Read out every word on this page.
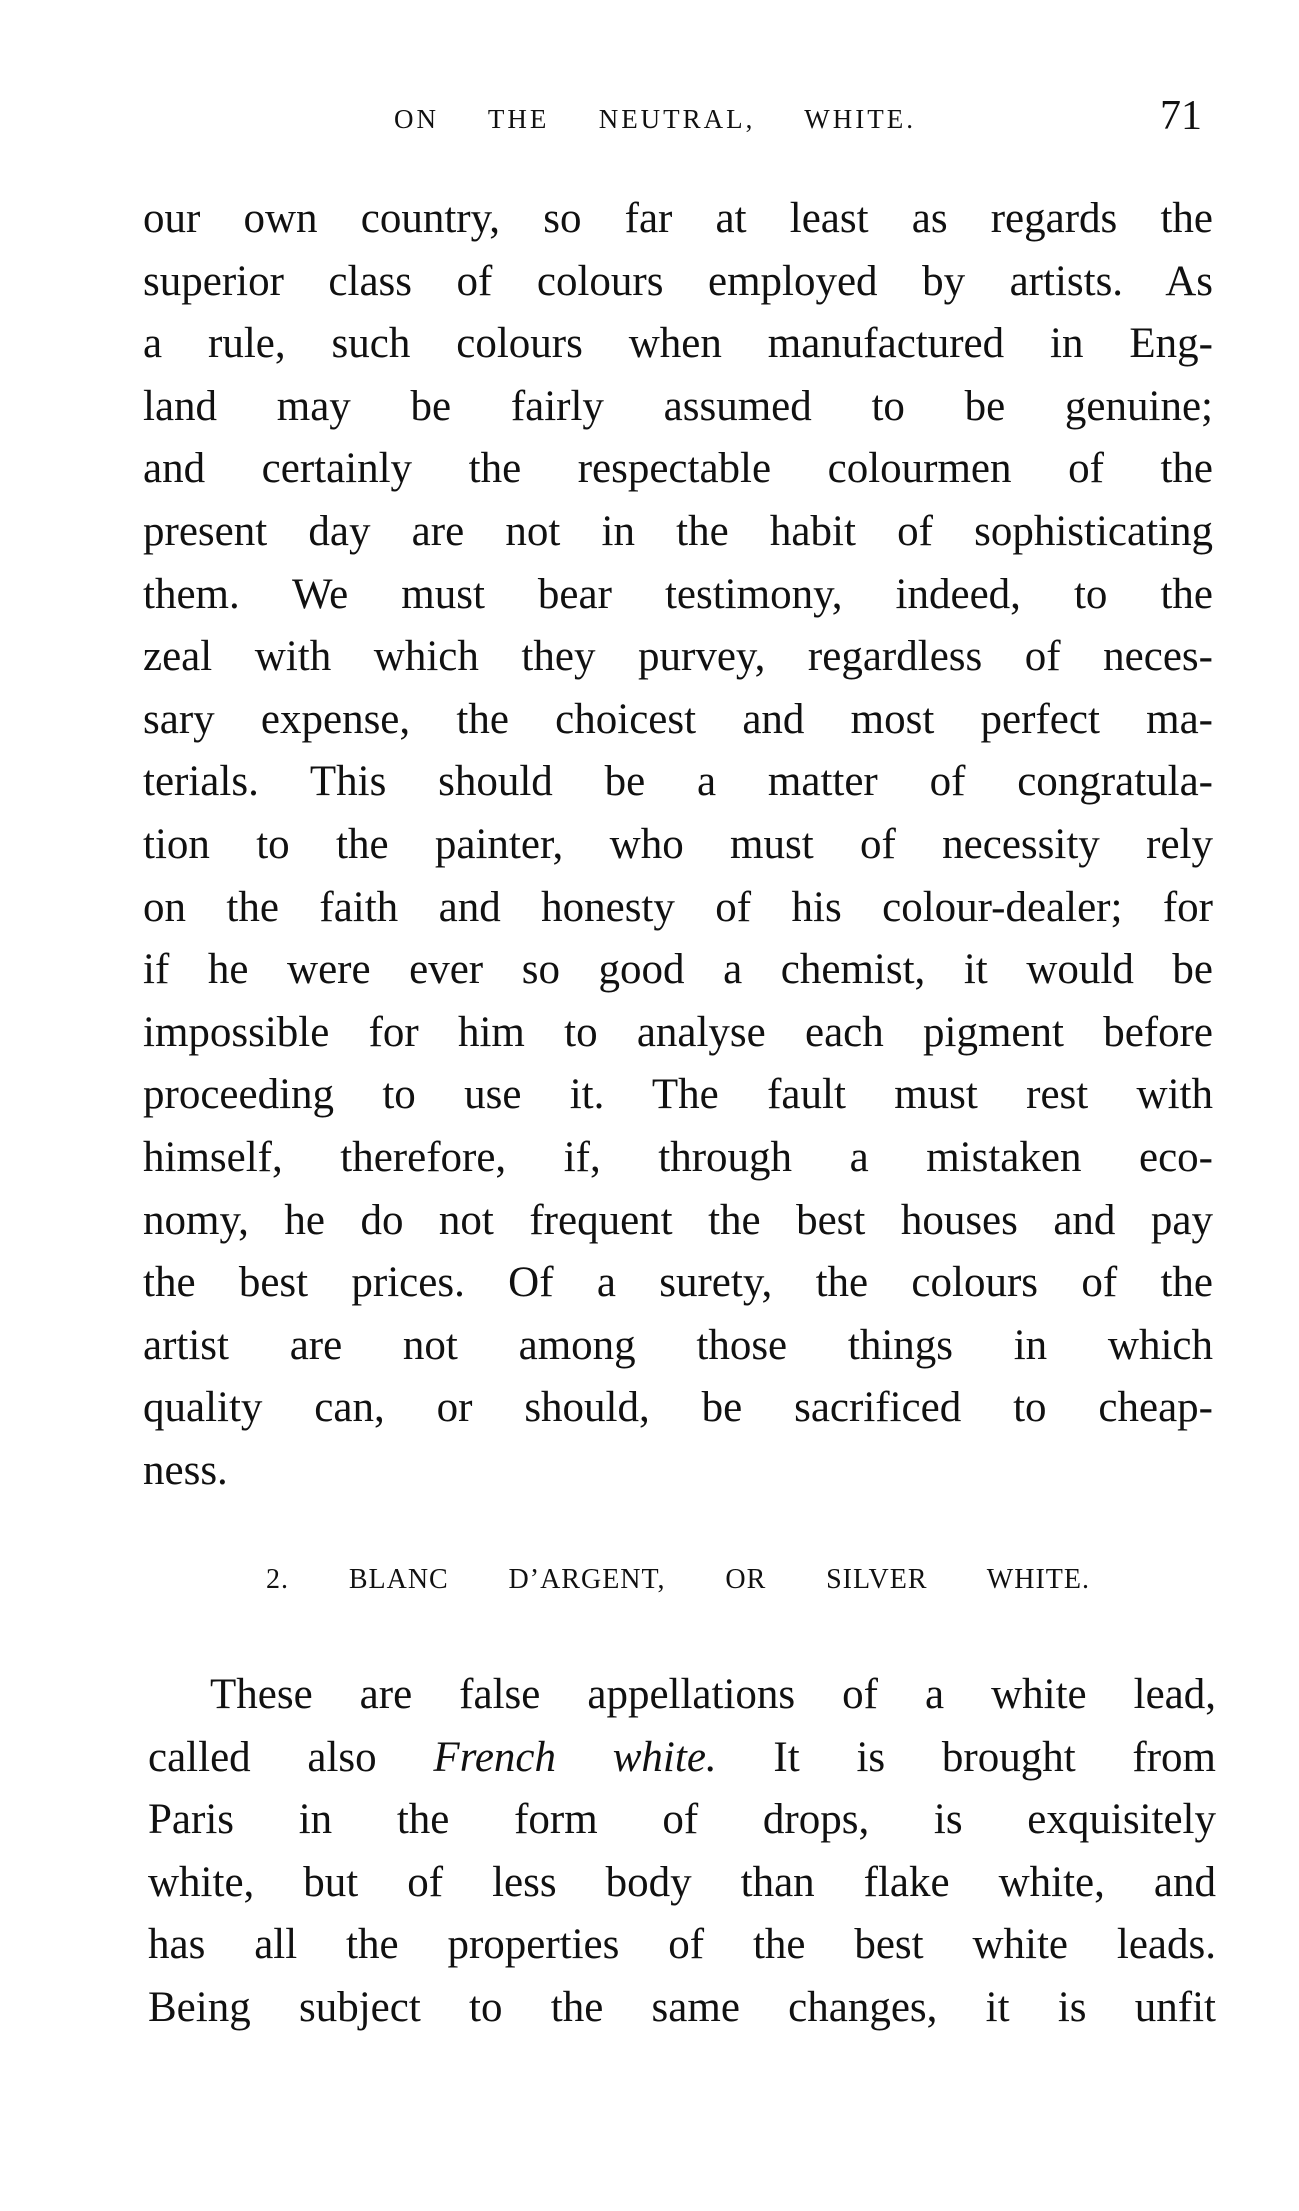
ON THE NEUTRAL, WHITE.	71
our own country, so far at least as regards the
superior class of colours employed by artists. As
a rule, such colours when manufactured in Eng-
land may be fairly assumed to be genuine;
and certainly the respectable colourmen of the
present day are not in the habit of sophisticating
them. We must bear testimony, indeed, to the
zeal with which they purvey, regardless of neces-
sary expense, the choicest and most perfect ma-
terials. This should be a matter of congratula-
tion to the painter, who must of necessity rely
on the faith and honesty of his colour-dealer; for
if he were ever so good a chemist, it would be
impossible for him to analyse each pigment before
proceeding to use it. The fault must rest with
himself, therefore, if, through a mistaken eco-
nomy, he do not frequent the best houses and pay
the best prices. Of a surety, the colours of the
artist are not among those things in which
quality can, or should, be sacrificed to cheap-
ness.
2. BLANC D’ARGENT, OR SILVER WHITE.
These are false appellations of a white lead,
called also French white. It is brought from
Paris in the form of drops, is exquisitely
white, but of less body than flake white, and
has all the properties of the best white leads.
Being subject to the same changes, it is unfit
